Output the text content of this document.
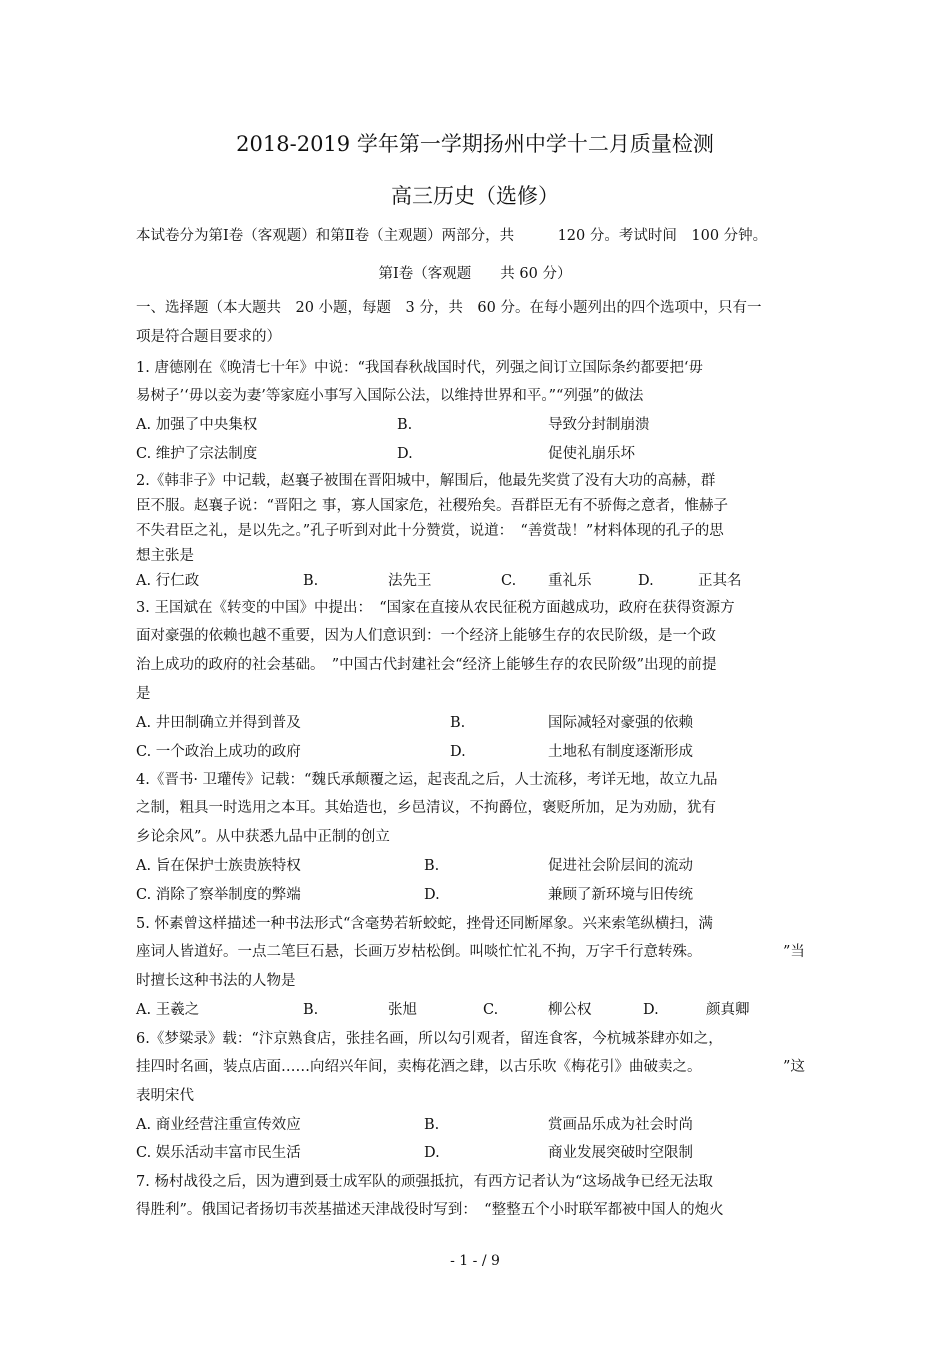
2018-2019 学年第一学期扬州中学十二月质量检测
高三历史（选修）
本试卷分为第Ⅰ卷（客观题）和第Ⅱ卷（主观题）两部分，共　　　120 分。考试时间　100 分钟。
第Ⅰ卷（客观题　　共 60 分）
一、选择题（本大题共　20 小题，每题　3 分，共　60 分。在每小题列出的四个选项中，只有一
项是符合题目要求的）
1. 唐德刚在《晚清七十年》中说：“我国春秋战国时代，列强之间订立国际条约都要把‘毋
易树子’‘毋以妾为妻’等家庭小事写入国际公法，以维持世界和平。”“列强”的做法
A. 加强了中央集权	B.	导致分封制崩溃
C. 维护了宗法制度	D.	促使礼崩乐坏
2.《韩非子》中记载，赵襄子被围在晋阳城中，解围后，他最先奖赏了没有大功的高赫，群
臣不服。赵襄子说：“晋阳之 事，寡人国家危，社稷殆矣。吾群臣无有不骄侮之意者，惟赫子
不失君臣之礼，是以先之。”孔子听到对此十分赞赏，说道：　“善赏哉！”材料体现的孔子的思
想主张是
A. 行仁政	B.	法先王	C. 重礼乐	D.	正其名
3. 王国斌在《转变的中国》中提出：　“国家在直接从农民征税方面越成功，政府在获得资源方
面对豪强的依赖也越不重要，因为人们意识到：一个经济上能够生存的农民阶级，是一个政
治上成功的政府的社会基础。　”中国古代封建社会“经济上能够生存的农民阶级”出现的前提
是
A. 井田制确立并得到普及	B.	国际减轻对豪强的依赖
C. 一个政治上成功的政府	D.	土地私有制度逐渐形成
4.《晋书· 卫瓘传》记载：“魏氏承颠覆之运，起丧乱之后，人士流移，考详无地，故立九品
之制，粗具一时选用之本耳。其始造也，乡邑清议，不拘爵位，褒贬所加，足为劝励，犹有
乡论余风”。从中获悉九品中正制的创立
A. 旨在保护士族贵族特权	B.	促进社会阶层间的流动
C. 消除了察举制度的弊端	D.	兼顾了新环境与旧传统
5. 怀素曾这样描述一种书法形式“含毫势若斩蛟蛇，挫骨还同断犀象。兴来索笔纵横扫，满
座词人皆道好。一点二笔巨石悬，长画万岁枯松倒。叫啖忙忙礼不拘，万字千行意转殊。	”当
时擅长这种书法的人物是
A. 王羲之	B.	张旭	C.	柳公权	D.	颜真卿
6.《梦粱录》载：“汴京熟食店，张挂名画，所以勾引观者，留连食客，今杭城茶肆亦如之，
挂四时名画，装点店面……向绍兴年间，卖梅花酒之肆，以古乐吹《梅花引》曲破卖之。	”这
表明宋代
A. 商业经营注重宣传效应	B.	赏画品乐成为社会时尚
C. 娱乐活动丰富市民生活	D.	商业发展突破时空限制
7. 杨村战役之后，因为遭到聂士成军队的顽强抵抗，有西方记者认为“这场战争已经无法取
得胜利”。俄国记者扬切韦茨基描述天津战役时写到：　“整整五个小时联军都被中国人的炮火
- 1 - / 9
